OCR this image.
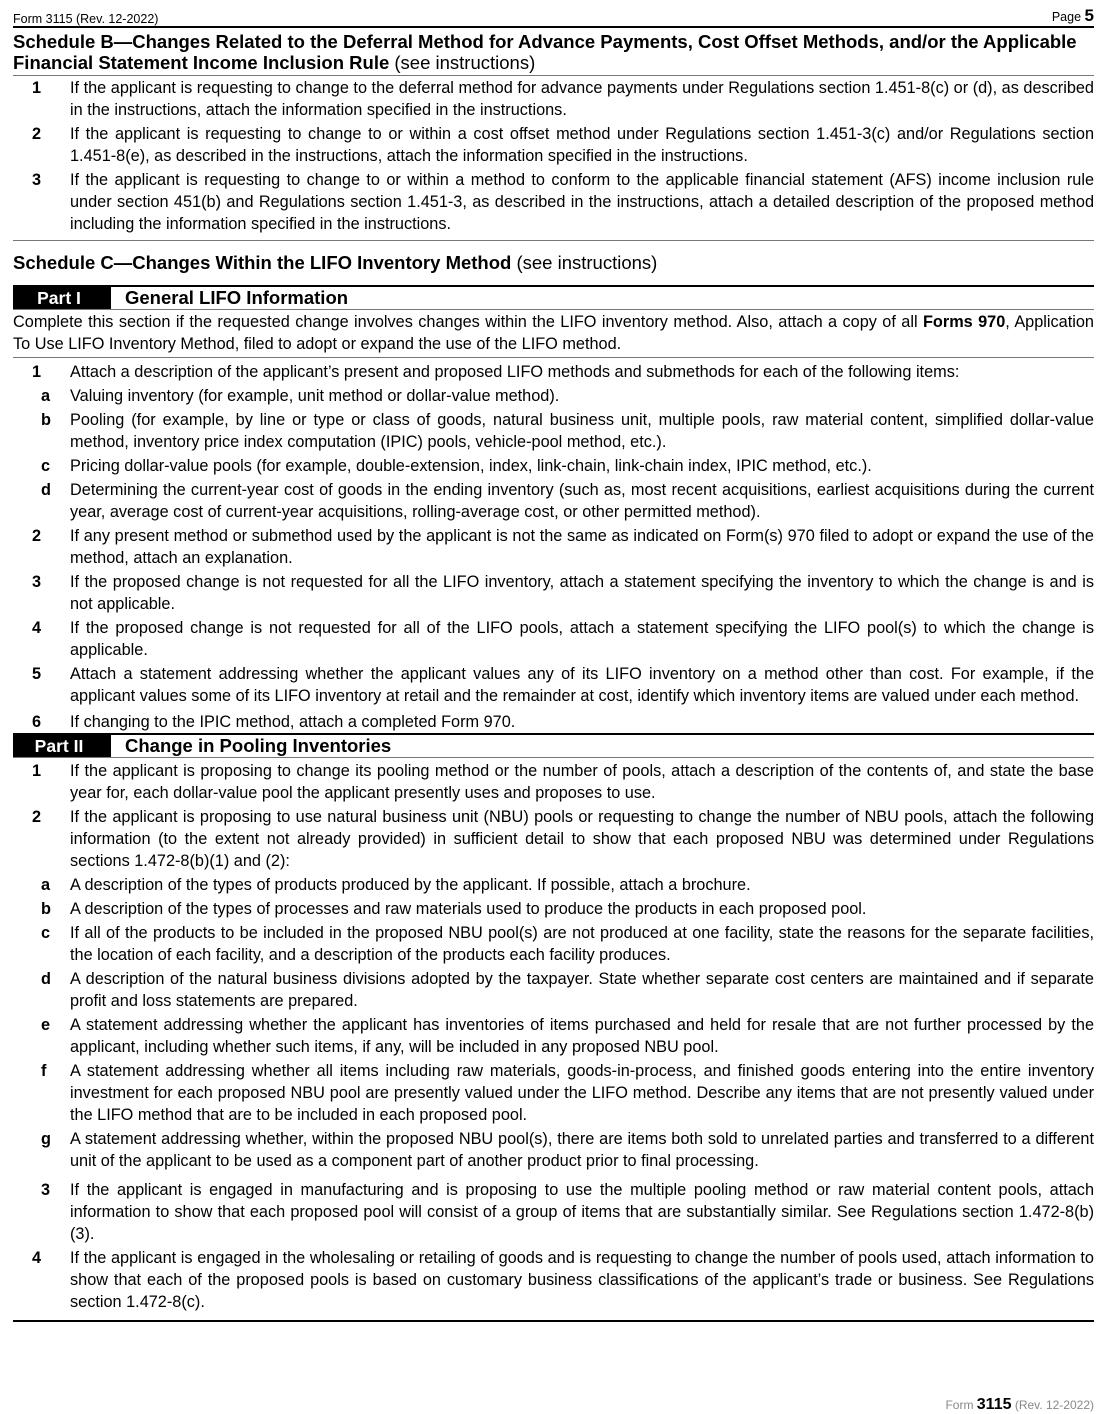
Form 3115 (Rev. 12-2022)	Page 5
Schedule B—Changes Related to the Deferral Method for Advance Payments, Cost Offset Methods, and/or the Applicable Financial Statement Income Inclusion Rule (see instructions)
1	If the applicant is requesting to change to the deferral method for advance payments under Regulations section 1.451-8(c) or (d), as described in the instructions, attach the information specified in the instructions.
2	If the applicant is requesting to change to or within a cost offset method under Regulations section 1.451-3(c) and/or Regulations section 1.451-8(e), as described in the instructions, attach the information specified in the instructions.
3	If the applicant is requesting to change to or within a method to conform to the applicable financial statement (AFS) income inclusion rule under section 451(b) and Regulations section 1.451-3, as described in the instructions, attach a detailed description of the proposed method including the information specified in the instructions.
Schedule C—Changes Within the LIFO Inventory Method (see instructions)
Part I	General LIFO Information
Complete this section if the requested change involves changes within the LIFO inventory method. Also, attach a copy of all Forms 970, Application To Use LIFO Inventory Method, filed to adopt or expand the use of the LIFO method.
1	Attach a description of the applicant’s present and proposed LIFO methods and submethods for each of the following items:
a	Valuing inventory (for example, unit method or dollar-value method).
b	Pooling (for example, by line or type or class of goods, natural business unit, multiple pools, raw material content, simplified dollar-value method, inventory price index computation (IPIC) pools, vehicle-pool method, etc.).
c	Pricing dollar-value pools (for example, double-extension, index, link-chain, link-chain index, IPIC method, etc.).
d	Determining the current-year cost of goods in the ending inventory (such as, most recent acquisitions, earliest acquisitions during the current year, average cost of current-year acquisitions, rolling-average cost, or other permitted method).
2	If any present method or submethod used by the applicant is not the same as indicated on Form(s) 970 filed to adopt or expand the use of the method, attach an explanation.
3	If the proposed change is not requested for all the LIFO inventory, attach a statement specifying the inventory to which the change is and is not applicable.
4	If the proposed change is not requested for all of the LIFO pools, attach a statement specifying the LIFO pool(s) to which the change is applicable.
5	Attach a statement addressing whether the applicant values any of its LIFO inventory on a method other than cost. For example, if the applicant values some of its LIFO inventory at retail and the remainder at cost, identify which inventory items are valued under each method.
6	If changing to the IPIC method, attach a completed Form 970.
Part II	Change in Pooling Inventories
1	If the applicant is proposing to change its pooling method or the number of pools, attach a description of the contents of, and state the base year for, each dollar-value pool the applicant presently uses and proposes to use.
2	If the applicant is proposing to use natural business unit (NBU) pools or requesting to change the number of NBU pools, attach the following information (to the extent not already provided) in sufficient detail to show that each proposed NBU was determined under Regulations sections 1.472-8(b)(1) and (2):
a	A description of the types of products produced by the applicant. If possible, attach a brochure.
b	A description of the types of processes and raw materials used to produce the products in each proposed pool.
c	If all of the products to be included in the proposed NBU pool(s) are not produced at one facility, state the reasons for the separate facilities, the location of each facility, and a description of the products each facility produces.
d	A description of the natural business divisions adopted by the taxpayer. State whether separate cost centers are maintained and if separate profit and loss statements are prepared.
e	A statement addressing whether the applicant has inventories of items purchased and held for resale that are not further processed by the applicant, including whether such items, if any, will be included in any proposed NBU pool.
f	A statement addressing whether all items including raw materials, goods-in-process, and finished goods entering into the entire inventory investment for each proposed NBU pool are presently valued under the LIFO method. Describe any items that are not presently valued under the LIFO method that are to be included in each proposed pool.
g	A statement addressing whether, within the proposed NBU pool(s), there are items both sold to unrelated parties and transferred to a different unit of the applicant to be used as a component part of another product prior to final processing.
3	If the applicant is engaged in manufacturing and is proposing to use the multiple pooling method or raw material content pools, attach information to show that each proposed pool will consist of a group of items that are substantially similar. See Regulations section 1.472-8(b)(3).
4	If the applicant is engaged in the wholesaling or retailing of goods and is requesting to change the number of pools used, attach information to show that each of the proposed pools is based on customary business classifications of the applicant’s trade or business. See Regulations section 1.472-8(c).
Form 3115 (Rev. 12-2022)
